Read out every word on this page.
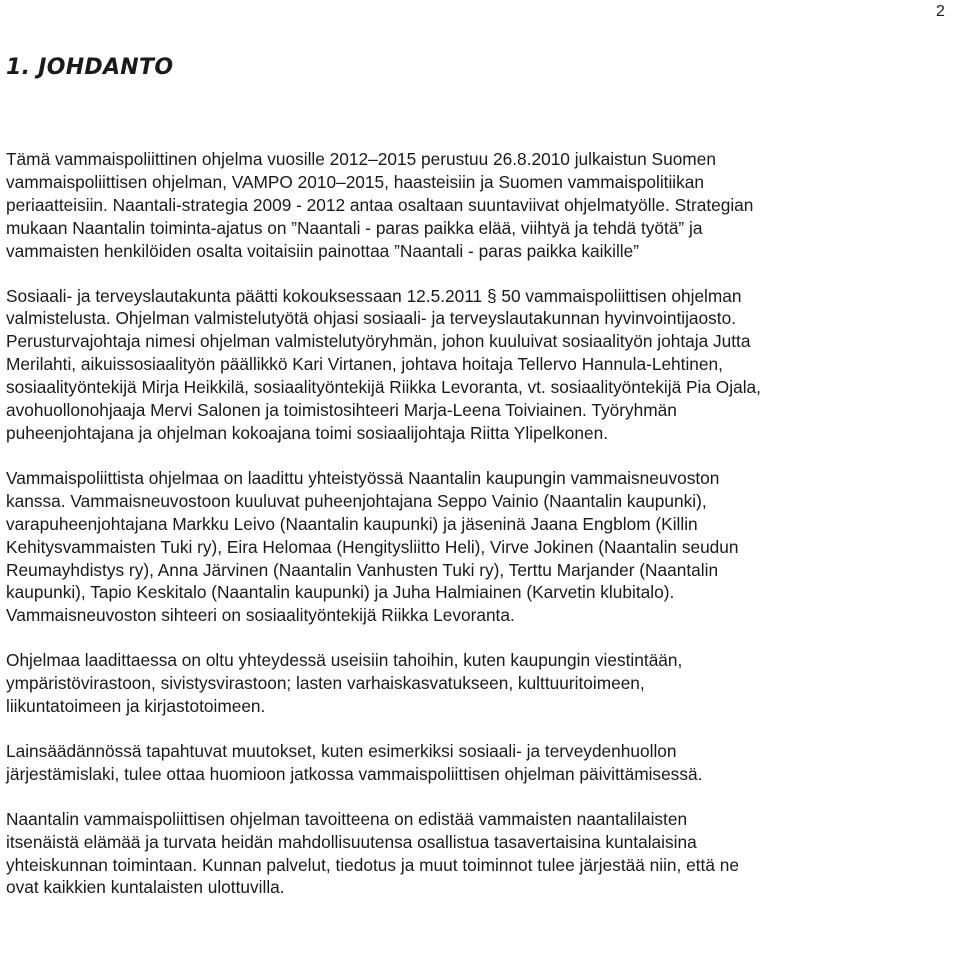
2
1. JOHDANTO

Tämä vammaispoliittinen ohjelma vuosille 2012–2015 perustuu 26.8.2010 julkaistun Suomen

vammaispoliittisen ohjelman, VAMPO 2010–2015, haasteisiin ja Suomen vammaispolitiikan

periaatteisiin. Naantali-strategia 2009 - 2012 antaa osaltaan suuntaviivat ohjelmatyölle. Strategian

mukaan Naantalin toiminta-ajatus on ”Naantali - paras paikka elää, viihtyä ja tehdä työtä” ja

vammaisten henkilöiden osalta voitaisiin painottaa ”Naantali - paras paikka kaikille”

Sosiaali- ja terveyslautakunta päätti kokouksessaan 12.5.2011 § 50 vammaispoliittisen ohjelman

valmistelusta. Ohjelman valmistelutyötä ohjasi sosiaali- ja terveyslautakunnan hyvinvointijaosto.

Perusturvajohtaja nimesi ohjelman valmistelutyöryhmän, johon kuuluivat sosiaalityön johtaja Jutta

Merilahti, aikuissosiaalityön päällikkö Kari Virtanen, johtava hoitaja Tellervo Hannula-Lehtinen,

sosiaalityöntekijä Mirja Heikkilä, sosiaalityöntekijä Riikka Levoranta, vt. sosiaalityöntekijä Pia Ojala,

avohuollonohjaaja Mervi Salonen ja toimistosihteeri Marja-Leena Toiviainen. Työryhmän

puheenjohtajana ja ohjelman kokoajana toimi sosiaalijohtaja Riitta Ylipelkonen.

Vammaispoliittista ohjelmaa on laadittu yhteistyössä Naantalin kaupungin vammaisneuvoston

kanssa. Vammaisneuvostoon kuuluvat puheenjohtajana Seppo Vainio (Naantalin kaupunki),

varapuheenjohtajana Markku Leivo (Naantalin kaupunki) ja jäseninä Jaana Engblom (Killin

Kehitysvammaisten Tuki ry), Eira Helomaa (Hengitysliitto Heli), Virve Jokinen (Naantalin seudun

Reumayhdistys ry), Anna Järvinen (Naantalin Vanhusten Tuki ry), Terttu Marjander (Naantalin

kaupunki), Tapio Keskitalo (Naantalin kaupunki) ja Juha Halmiainen (Karvetin klubitalo).

Vammaisneuvoston sihteeri on sosiaalityöntekijä Riikka Levoranta.

Ohjelmaa laadittaessa on oltu yhteydessä useisiin tahoihin, kuten kaupungin viestintään,

ympäristövirastoon, sivistysvirastoon; lasten varhaiskasvatukseen, kulttuuritoimeen,

liikuntatoimeen ja kirjastotoimeen.

Lainsäädännössä tapahtuvat muutokset, kuten esimerkiksi sosiaali- ja terveydenhuollon

järjestämislaki, tulee ottaa huomioon jatkossa vammaispoliittisen ohjelman päivittämisessä.

Naantalin vammaispoliittisen ohjelman tavoitteena on edistää vammaisten naantalilaisten

itsenäistä elämää ja turvata heidän mahdollisuutensa osallistua tasavertaisina kuntalaisina

yhteiskunnan toimintaan. Kunnan palvelut, tiedotus ja muut toiminnot tulee järjestää niin, että ne

ovat kaikkien kuntalaisten ulottuvilla.
